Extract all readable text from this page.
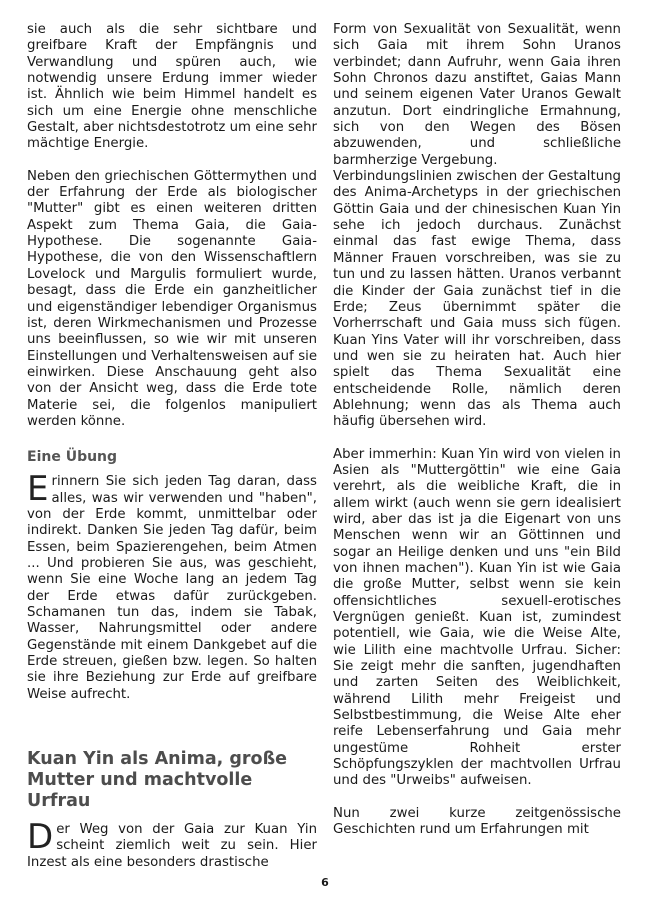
sie auch als die sehr sichtbare und greifbare Kraft der Empfängnis und Verwandlung und spüren auch, wie notwendig unsere Erdung immer wieder ist. Ähnlich wie beim Himmel handelt es sich um eine Energie ohne menschliche Gestalt, aber nichtsdestotrotz um eine sehr mächtige Energie.

Neben den griechischen Göttermythen und der Erfahrung der Erde als biologischer "Mutter" gibt es einen weiteren dritten Aspekt zum Thema Gaia, die Gaia-Hypothese. Die sogenannte Gaia-Hypothese, die von den Wissenschaftlern Lovelock und Margulis formuliert wurde, besagt, dass die Erde ein ganzheitlicher und eigenständiger lebendiger Organismus ist, deren Wirkmechanismen und Prozesse uns beeinflussen, so wie wir mit unseren Einstellungen und Verhaltensweisen auf sie einwirken. Diese Anschauung geht also von der Ansicht weg, dass die Erde tote Materie sei, die folgenlos manipuliert werden könne.

Eine Übung

Erinnern Sie sich jeden Tag daran, dass alles, was wir verwenden und "haben", von der Erde kommt, unmittelbar oder indirekt. Danken Sie jeden Tag dafür, beim Essen, beim Spazierengehen, beim Atmen ... Und probieren Sie aus, was geschieht, wenn Sie eine Woche lang an jedem Tag der Erde etwas dafür zurückgeben. Schamanen tun das, indem sie Tabak, Wasser, Nahrungsmittel oder andere Gegenstände mit einem Dankgebet auf die Erde streuen, gießen bzw. legen. So halten sie ihre Beziehung zur Erde auf greifbare Weise aufrecht.

Kuan Yin als Anima, große Mutter und machtvolle Urfrau

Der Weg von der Gaia zur Kuan Yin scheint ziemlich weit zu sein. Hier Inzest als eine besonders drastische

Form von Sexualität von Sexualität, wenn sich Gaia mit ihrem Sohn Uranos verbindet; dann Aufruhr, wenn Gaia ihren Sohn Chronos dazu anstiftet, Gaias Mann und seinem eigenen Vater Uranos Gewalt anzutun. Dort eindringliche Ermahnung, sich von den Wegen des Bösen abzuwenden, und schließliche barmherzige Vergebung.

Verbindungslinien zwischen der Gestaltung des Anima-Archetyps in der griechischen Göttin Gaia und der chinesischen Kuan Yin sehe ich jedoch durchaus. Zunächst einmal das fast ewige Thema, dass Männer Frauen vorschreiben, was sie zu tun und zu lassen hätten. Uranos verbannt die Kinder der Gaia zunächst tief in die Erde; Zeus übernimmt später die Vorherrschaft und Gaia muss sich fügen. Kuan Yins Vater will ihr vorschreiben, dass und wen sie zu heiraten hat. Auch hier spielt das Thema Sexualität eine entscheidende Rolle, nämlich deren Ablehnung; wenn das als Thema auch häufig übersehen wird.

Aber immerhin: Kuan Yin wird von vielen in Asien als "Muttergöttin" wie eine Gaia verehrt, als die weibliche Kraft, die in allem wirkt (auch wenn sie gern idealisiert wird, aber das ist ja die Eigenart von uns Menschen wenn wir an Göttinnen und sogar an Heilige denken und uns "ein Bild von ihnen machen"). Kuan Yin ist wie Gaia die große Mutter, selbst wenn sie kein offensichtliches sexuell-erotisches Vergnügen genießt. Kuan ist, zumindest potentiell, wie Gaia, wie die Weise Alte, wie Lilith eine machtvolle Urfrau. Sicher: Sie zeigt mehr die sanften, jugendhaften und zarten Seiten des Weiblichkeit, während Lilith mehr Freigeist und Selbstbestimmung, die Weise Alte eher reife Lebenserfahrung und Gaia mehr ungestüme Rohheit erster Schöpfungszyklen der machtvollen Urfrau und des "Urweibs" aufweisen.

Nun zwei kurze zeitgenössische Geschichten rund um Erfahrungen mit

6
